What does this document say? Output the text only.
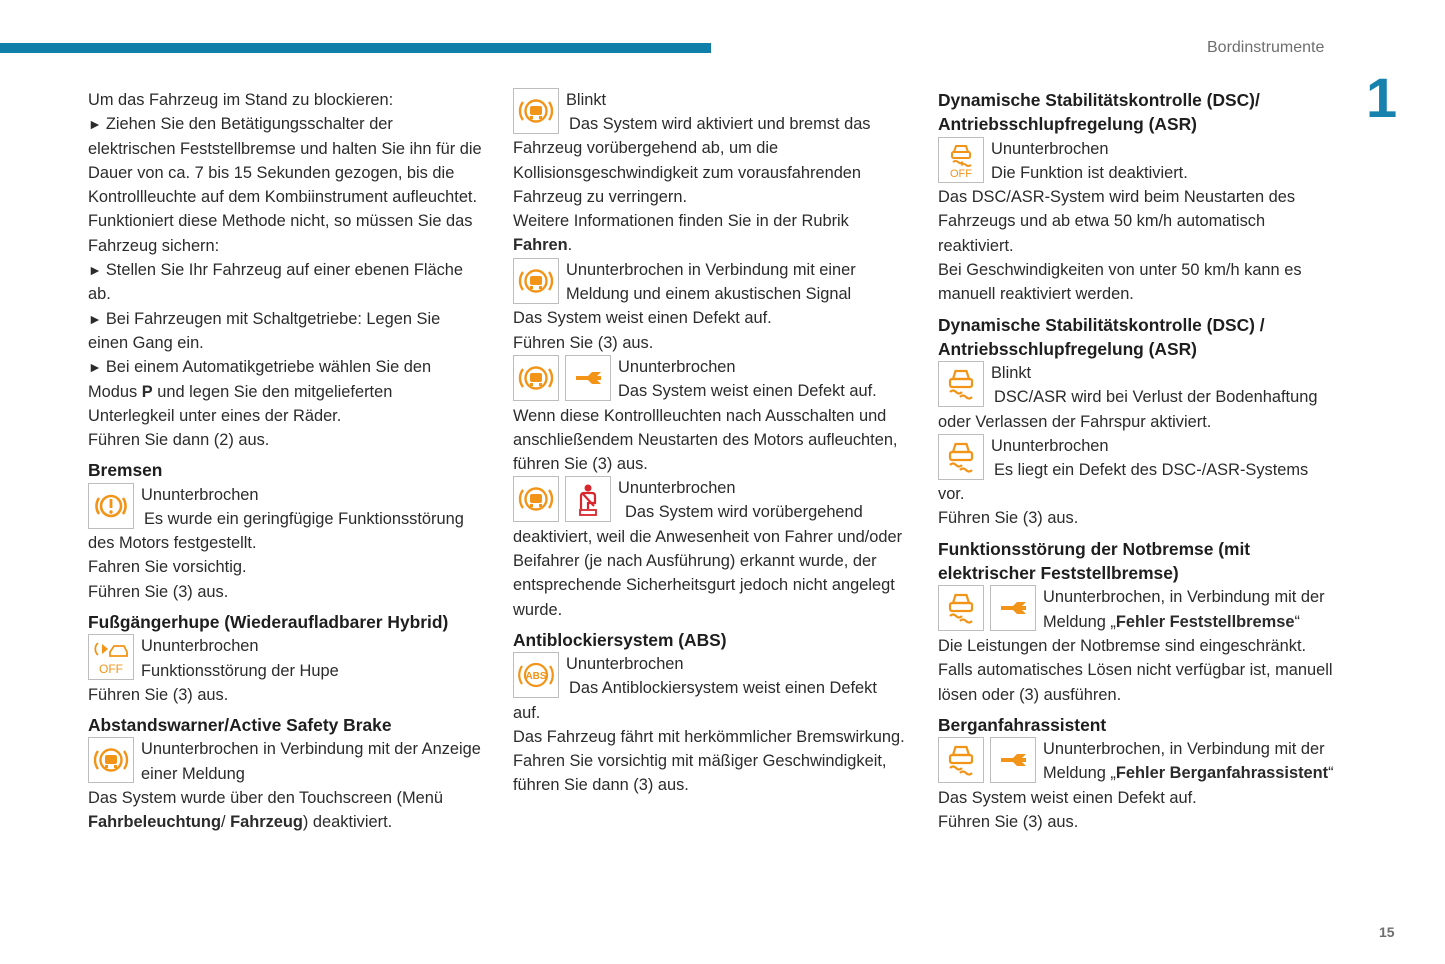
Bordinstrumente
1
15

Um das Fahrzeug im Stand zu blockieren:

► Ziehen Sie den Betätigungsschalter der elektrischen Feststellbremse und halten Sie ihn für die Dauer von ca. 7 bis 15 Sekunden gezogen, bis die Kontrollleuchte auf dem Kombiinstrument aufleuchtet.

Funktioniert diese Methode nicht, so müssen Sie das Fahrzeug sichern:

► Stellen Sie Ihr Fahrzeug auf einer ebenen Fläche ab.

► Bei Fahrzeugen mit Schaltgetriebe: Legen Sie einen Gang ein.

► Bei einem Automatikgetriebe wählen Sie den Modus P und legen Sie den mitgelieferten Unterlegkeil unter eines der Räder.

Führen Sie dann (2) aus.

Bremsen

Ununterbrochen

Es wurde ein geringfügige Funktionsstörung des Motors festgestellt.

Fahren Sie vorsichtig.

Führen Sie (3) aus.

Fußgängerhupe (Wiederaufladbarer Hybrid)

OFF
Ununterbrochen
Funktionsstörung der Hupe

Führen Sie (3) aus.

Abstandswarner/Active Safety Brake

Ununterbrochen in Verbindung mit der Anzeige einer Meldung

Das System wurde über den Touchscreen (Menü Fahrbeleuchtung/ Fahrzeug) deaktiviert.

Blinkt

Das System wird aktiviert und bremst das Fahrzeug vorübergehend ab, um die Kollisionsgeschwindigkeit zum vorausfahrenden Fahrzeug zu verringern.

Weitere Informationen finden Sie in der Rubrik Fahren.

Ununterbrochen in Verbindung mit einer Meldung und einem akustischen Signal

Das System weist einen Defekt auf.

Führen Sie (3) aus.

Ununterbrochen
Das System weist einen Defekt auf.

Wenn diese Kontrollleuchten nach Ausschalten und anschließendem Neustarten des Motors aufleuchten, führen Sie (3) aus.

Ununterbrochen

Das System wird vorübergehend deaktiviert, weil die Anwesenheit von Fahrer und/oder Beifahrer (je nach Ausführung) erkannt wurde, der entsprechende Sicherheitsgurt jedoch nicht angelegt wurde.

Antiblockiersystem (ABS)

ABS
Ununterbrochen

Das Antiblockiersystem weist einen Defekt auf.

Das Fahrzeug fährt mit herkömmlicher Bremswirkung.

Fahren Sie vorsichtig mit mäßiger Geschwindigkeit, führen Sie dann (3) aus.

Dynamische Stabilitätskontrolle (DSC)/ Antriebsschlupfregelung (ASR)

OFF
Ununterbrochen
Die Funktion ist deaktiviert.

Das DSC/ASR-System wird beim Neustarten des Fahrzeugs und ab etwa 50 km/h automatisch reaktiviert.

Bei Geschwindigkeiten von unter 50 km/h kann es manuell reaktiviert werden.

Dynamische Stabilitätskontrolle (DSC) / Antriebsschlupfregelung (ASR)

Blinkt

DSC/ASR wird bei Verlust der Bodenhaftung oder Verlassen der Fahrspur aktiviert.

Ununterbrochen

Es liegt ein Defekt des DSC-/ASR-Systems vor.

Führen Sie (3) aus.

Funktionsstörung der Notbremse (mit elektrischer Feststellbremse)

Ununterbrochen, in Verbindung mit der Meldung „Fehler Feststellbremse“

Die Leistungen der Notbremse sind eingeschränkt.

Falls automatisches Lösen nicht verfügbar ist, manuell lösen oder (3) ausführen.

Berganfahrassistent

Ununterbrochen, in Verbindung mit der Meldung „Fehler Berganfahrassistent“

Das System weist einen Defekt auf.

Führen Sie (3) aus.
